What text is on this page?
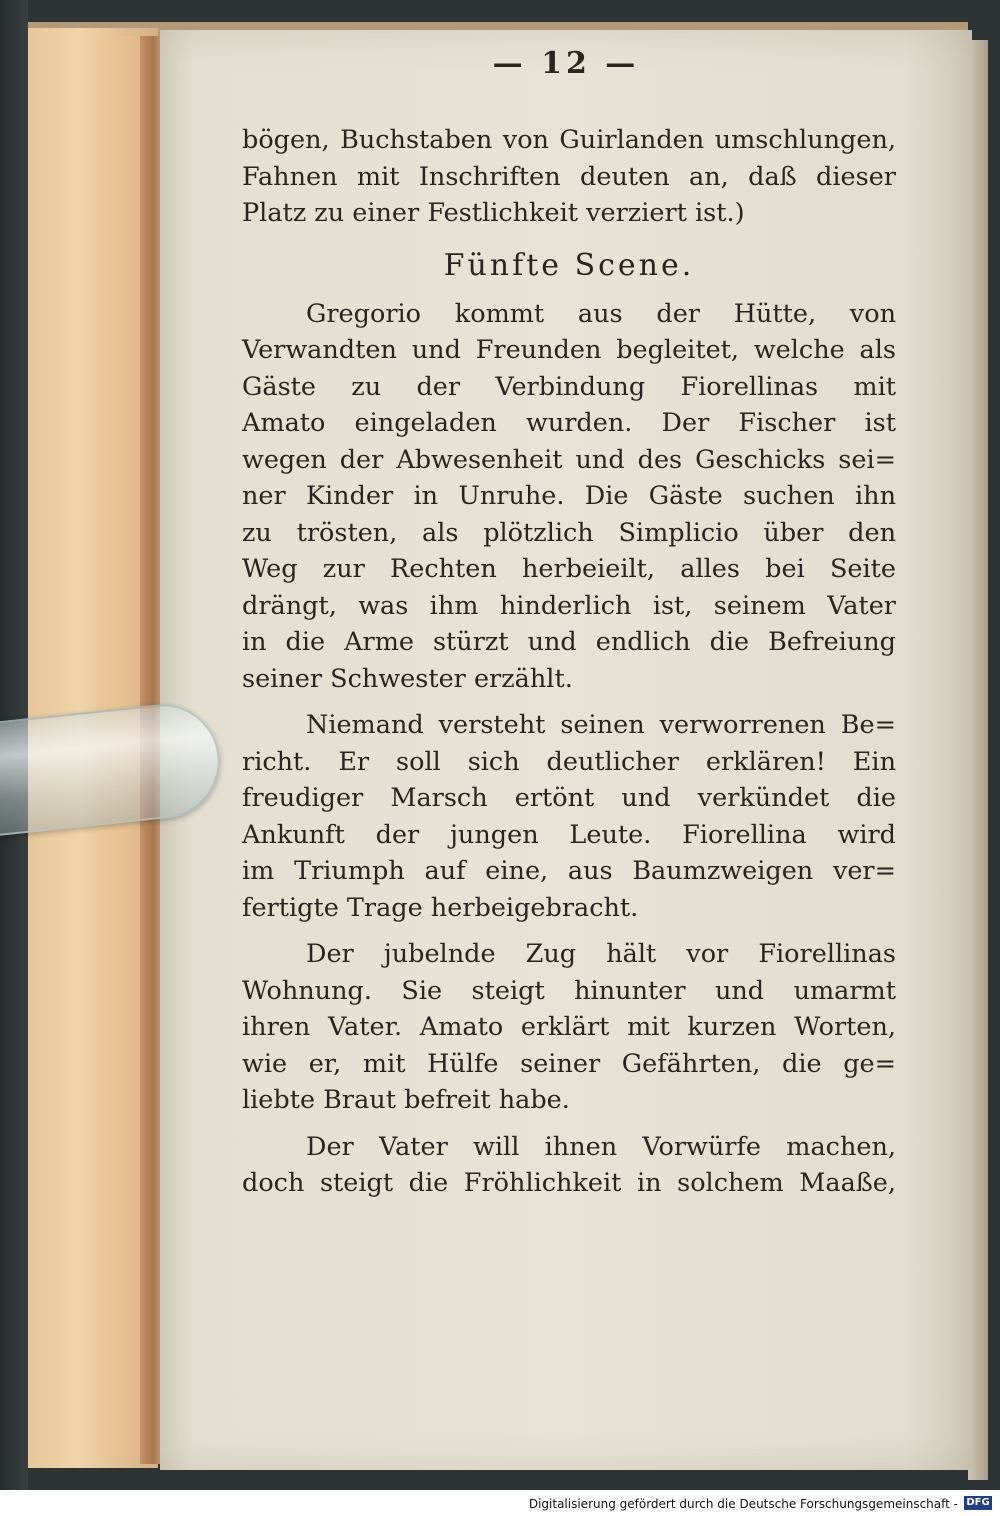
— 12 —

bögen, Buchstaben von Guirlanden umschlungen,
Fahnen mit Inschriften deuten an, daß dieser
Platz zu einer Festlichkeit verziert ist.)
Fünfte Scene.
Gregorio kommt aus der Hütte, von
Verwandten und Freunden begleitet, welche als
Gäste zu der Verbindung Fiorellinas mit
Amato eingeladen wurden. Der Fischer ist
wegen der Abwesenheit und des Geschicks sei=
ner Kinder in Unruhe. Die Gäste suchen ihn
zu trösten, als plötzlich Simplicio über den
Weg zur Rechten herbeieilt, alles bei Seite
drängt, was ihm hinderlich ist, seinem Vater
in die Arme stürzt und endlich die Befreiung
seiner Schwester erzählt.
Niemand versteht seinen verworrenen Be=
richt. Er soll sich deutlicher erklären! Ein
freudiger Marsch ertönt und verkündet die
Ankunft der jungen Leute. Fiorellina wird
im Triumph auf eine, aus Baumzweigen ver=
fertigte Trage herbeigebracht.
Der jubelnde Zug hält vor Fiorellinas
Wohnung. Sie steigt hinunter und umarmt
ihren Vater. Amato erklärt mit kurzen Worten,
wie er, mit Hülfe seiner Gefährten, die ge=
liebte Braut befreit habe.
Der Vater will ihnen Vorwürfe machen,
doch steigt die Fröhlichkeit in solchem Maaße,

Digitalisierung gefördert durch die Deutsche Forschungsgemeinschaft - DFG
